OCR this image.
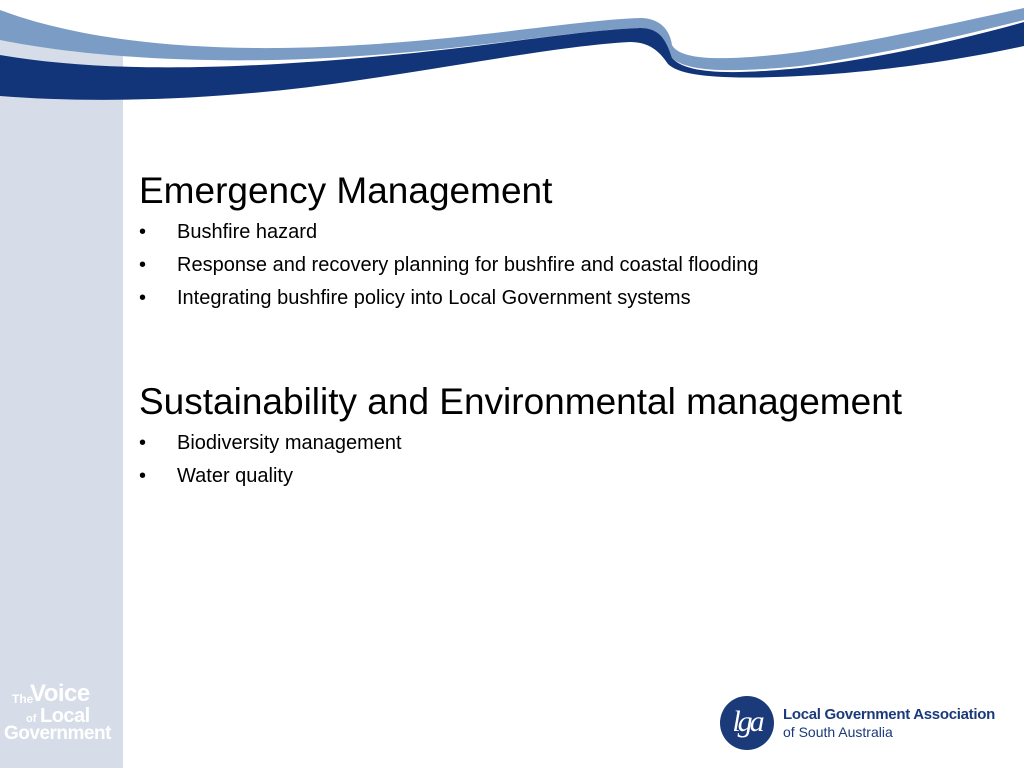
Emergency Management
•	Bushfire hazard
•	Response and recovery planning for bushfire and coastal flooding
•	Integrating bushfire policy into Local Government systems
Sustainability and Environmental management
•	Biodiversity management
•	Water quality
The
Voice
of Local
Government	lga	Local Government Association
of South Australia
